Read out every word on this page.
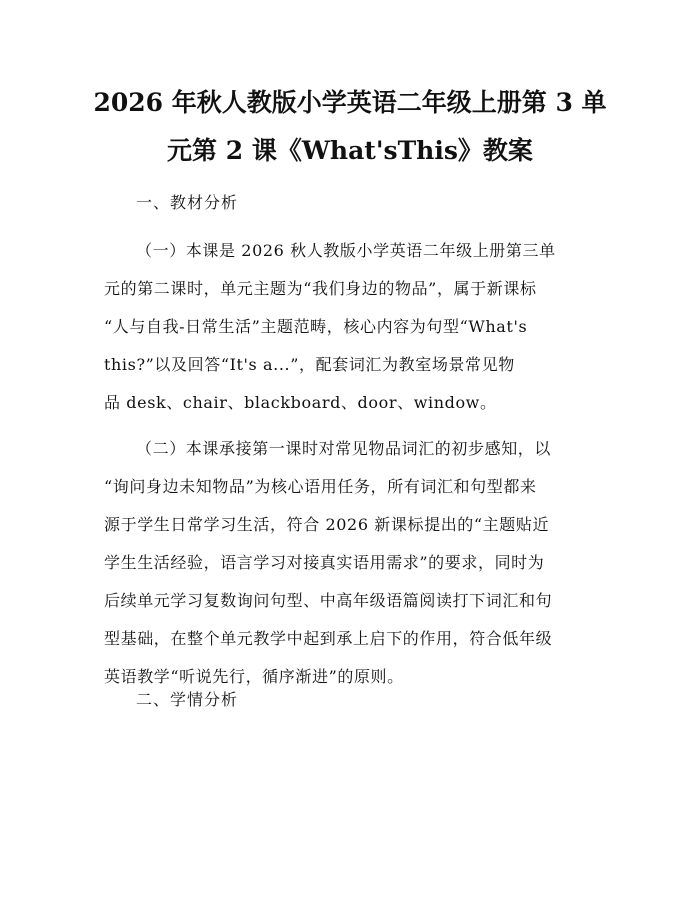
2026 年秋人教版小学英语二年级上册第 3 单
元第 2 课《What'sThis》教案
一、教材分析
（一）本课是 2026 秋人教版小学英语二年级上册第三单
元的第二课时，单元主题为“我们身边的物品”，属于新课标
“人与自我-日常生活”主题范畴，核心内容为句型“What's
this?”以及回答“It's a...”，配套词汇为教室场景常见物
品 desk、chair、blackboard、door、window。
（二）本课承接第一课时对常见物品词汇的初步感知，以
“询问身边未知物品”为核心语用任务，所有词汇和句型都来
源于学生日常学习生活，符合 2026 新课标提出的“主题贴近
学生生活经验，语言学习对接真实语用需求”的要求，同时为
后续单元学习复数询问句型、中高年级语篇阅读打下词汇和句
型基础，在整个单元教学中起到承上启下的作用，符合低年级
英语教学“听说先行，循序渐进”的原则。
二、学情分析
